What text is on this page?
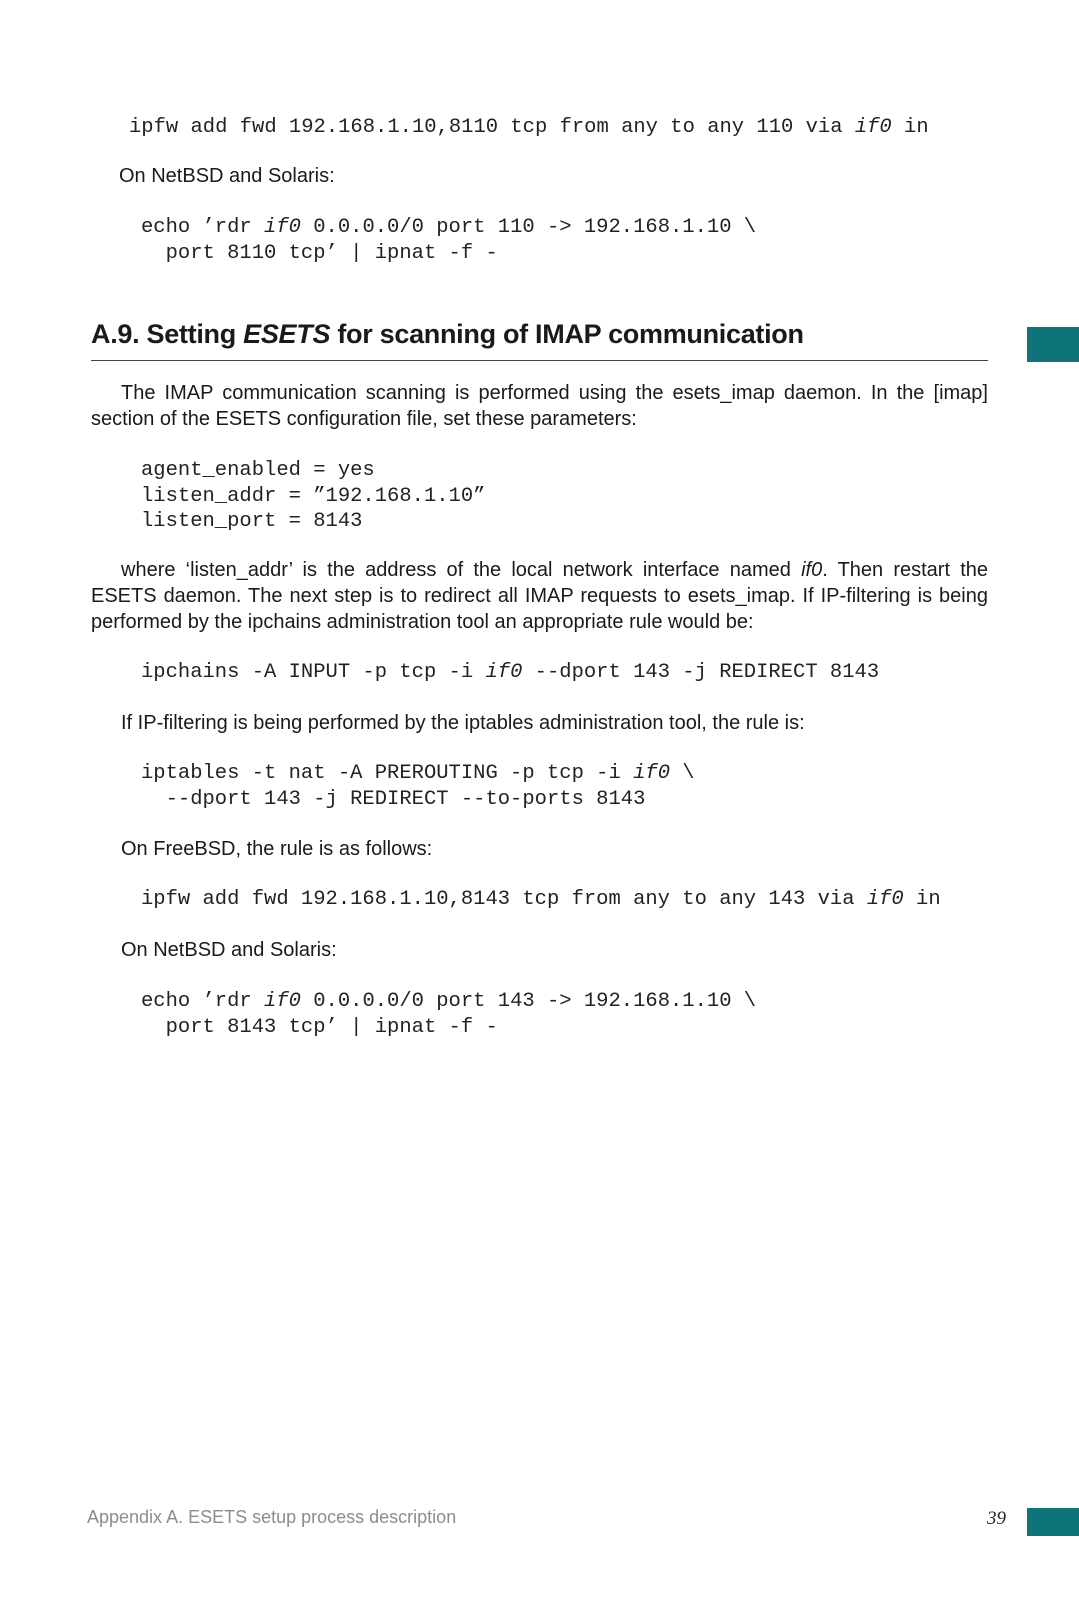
ipfw add fwd 192.168.1.10,8110 tcp from any to any 110 via if0 in
On NetBSD and Solaris:
echo ’rdr if0 0.0.0.0/0 port 110 -> 192.168.1.10 \
port 8110 tcp’ | ipnat -f -
A.9. Setting ESETS for scanning of IMAP communication
The IMAP communication scanning is performed using the esets_imap daemon. In the [imap] section of the ESETS configuration file, set these parameters:
agent_enabled = yes
listen_addr = ”192.168.1.10”
listen_port = 8143
where ‘listen_addr’ is the address of the local network interface named if0. Then restart the ESETS daemon. The next step is to redirect all IMAP requests to esets_imap. If IP-filtering is being performed by the ipchains administration tool an appropriate rule would be:
ipchains -A INPUT -p tcp -i if0 --dport 143 -j REDIRECT 8143
If IP-filtering is being performed by the iptables administration tool, the rule is:
iptables -t nat -A PREROUTING -p tcp -i if0 \
--dport 143 -j REDIRECT --to-ports 8143
On FreeBSD, the rule is as follows:
ipfw add fwd 192.168.1.10,8143 tcp from any to any 143 via if0 in
On NetBSD and Solaris:
echo ’rdr if0 0.0.0.0/0 port 143 -> 192.168.1.10 \
port 8143 tcp’ | ipnat -f -
Appendix A. ESETS setup process description	39
